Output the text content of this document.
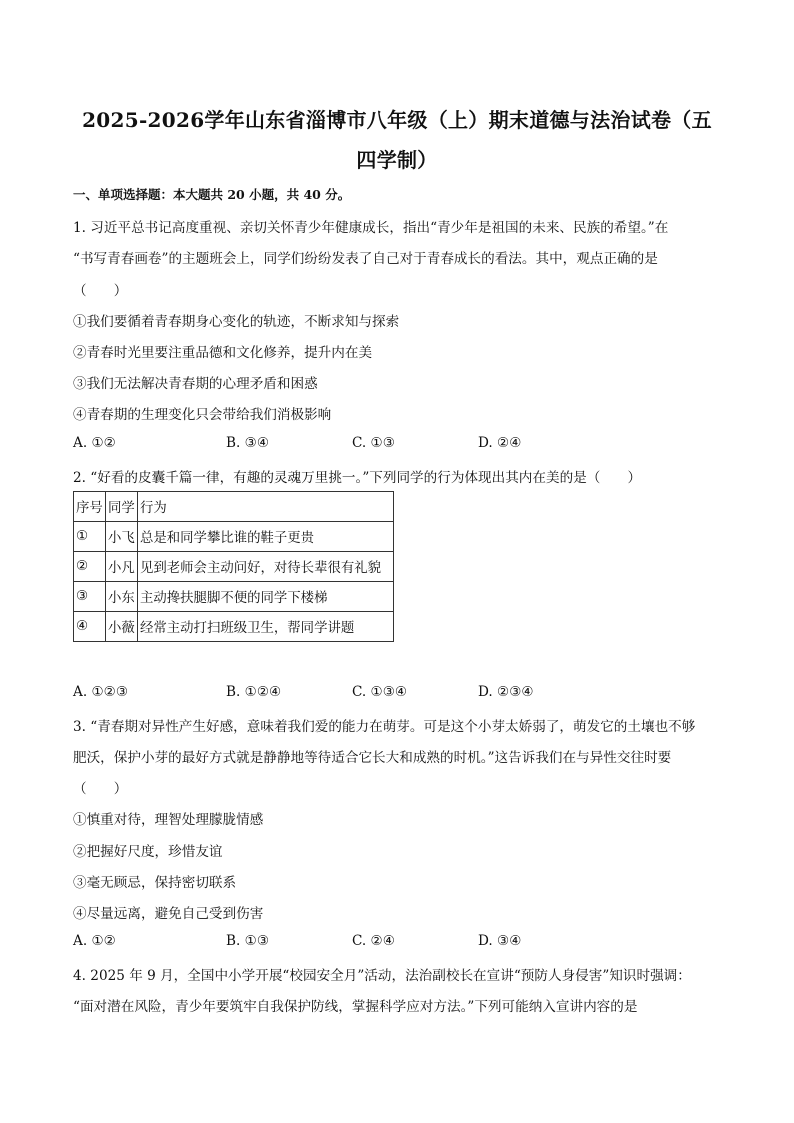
2025-2026学年山东省淄博市八年级（上）期末道德与法治试卷（五
四学制）
一、单项选择题：本大题共 20 小题，共 40 分。
1. 习近平总书记高度重视、亲切关怀青少年健康成长，指出“青少年是祖国的未来、民族的希望。”在
“书写青春画卷”的主题班会上，同学们纷纷发表了自己对于青春成长的看法。其中，观点正确的是
（　　）
①我们要循着青春期身心变化的轨迹，不断求知与探索
②青春时光里要注重品德和文化修养，提升内在美
③我们无法解决青春期的心理矛盾和困惑
④青春期的生理变化只会带给我们消极影响
A. ①②	B. ③④	C. ①③	D. ②④
2. “好看的皮囊千篇一律，有趣的灵魂万里挑一。”下列同学的行为体现出其内在美的是（　　）
序号	同学	行为
①	小飞	总是和同学攀比谁的鞋子更贵
②	小凡	见到老师会主动问好，对待长辈很有礼貌
③	小东	主动搀扶腿脚不便的同学下楼梯
④	小薇	经常主动打扫班级卫生，帮同学讲题
A. ①②③	B. ①②④	C. ①③④	D. ②③④
3. “青春期对异性产生好感，意味着我们爱的能力在萌芽。可是这个小芽太娇弱了，萌发它的土壤也不够
肥沃，保护小芽的最好方式就是静静地等待适合它长大和成熟的时机。”这告诉我们在与异性交往时要
（　　）
①慎重对待，理智处理朦胧情感
②把握好尺度，珍惜友谊
③毫无顾忌，保持密切联系
④尽量远离，避免自己受到伤害
A. ①②	B. ①③	C. ②④	D. ③④
4. 2025 年 9 月，全国中小学开展“校园安全月”活动，法治副校长在宣讲“预防人身侵害”知识时强调：
“面对潜在风险，青少年要筑牢自我保护防线，掌握科学应对方法。”下列可能纳入宣讲内容的是
